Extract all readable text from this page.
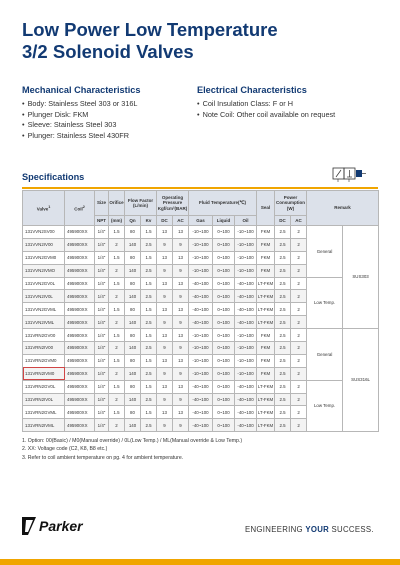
Low Power Low Temperature
3/2 Solenoid Valves
Mechanical Characteristics
• Body: Stainless Steel 303 or 316L
• Plunger Disk: FKM
• Sleeve: Stainless Steel 303
• Plunger: Stainless Steel 430FR
Electrical Characteristics
• Coil Insulation Class: F or H
• Note Coil: Other coil available on request
Specifications
Valve$^1$	Coil$^2$	Size	Orifice	Flow Factor (L/min)		Operating Pressure Kgf/cm²(BAR)		Fluid Temperature(℃)			Seal	Power Consumption (W)		Remark	
		NPT	(mm)	Qn	Kv	DC	AC	Gas	Liquid	Oil		DC	AC		
131VVN2SV00	495900XX	1/4"	1.5	80	1.5	13	13	-10~100	0~100	-10~100	FKM	2.5	2	General	SUS303
131VVN2IV00	495900XX	1/4"	2	140	2.5	9	9	-10~100	0~100	-10~100	FKM	2.5	2		
131VVN2GVM0	495900XX	1/4"	1.5	80	1.5	13	13	-10~100	0~100	-10~100	FKM	2.5	2		
131VVN2IVMO	495900XX	1/4"	2	140	2.5	9	9	-10~100	0~100	-10~100	FKM	2.5	2		
131VVN2GV0L	495900XX	1/4"	1.5	80	1.5	13	13	-40~100	0~100	-40~100	LT-FKM	2.5	2	Low Temp.	
131VVN2IV0L	495900XX	1/4"	2	140	2.5	9	9	-40~100	0~100	-40~100	LT-FKM	2.5	2		
131VVN2GVML	495900XX	1/4"	1.5	80	1.5	13	13	-40~100	0~100	-40~100	LT-FKM	2.5	2		
131VVN2IVML	495900XX	1/4"	2	140	2.5	9	9	-40~100	0~100	-40~100	LT-FKM	2.5	2		
131VRN2GV00	495900XX	1/4"	1.5	80	1.5	13	13	-10~100	0~100	-10~100	FKM	2.5	2	General	SUS316L
131VRN2IV00	495900XX	1/4"	2	140	2.5	9	9	-10~100	0~100	-10~100	FKM	2.5	2		
131VRN2GVM0	495900XX	1/4"	1.5	80	1.5	13	13	-10~100	0~100	-10~100	FKM	2.5	2		
131VRN2IVM0	495900XX	1/4"	2	140	2.5	9	9	-10~100	0~100	-10~100	FKM	2.5	2		
131VRN2GV0L	495900XX	1/4"	1.5	80	1.5	13	13	-40~100	0~100	-40~100	LT-FKM	2.5	2	Low Temp.	
131VRN2IV0L	495900XX	1/4"	2	140	2.5	9	9	-40~100	0~100	-40~100	LT-FKM	2.5	2		
131VRN2GVML	495900XX	1/4"	1.5	80	1.5	13	13	-40~100	0~100	-40~100	LT-FKM	2.5	2		
131VRN2IVML	495900XX	1/4"	2	140	2.5	9	9	-40~100	0~100	-40~100	LT-FKM	2.5	2		
1. Option: 00(Basic) / M0(Manual override) / 0L(Low Temp.) / ML(Manual override & Low Temp.)
2. XX: Voltage code (C2, K8, B8 etc.)
3. Refer to coil ambient temperature on pg. 4 for ambient temperature.
Parker	ENGINEERING YOUR SUCCESS.
